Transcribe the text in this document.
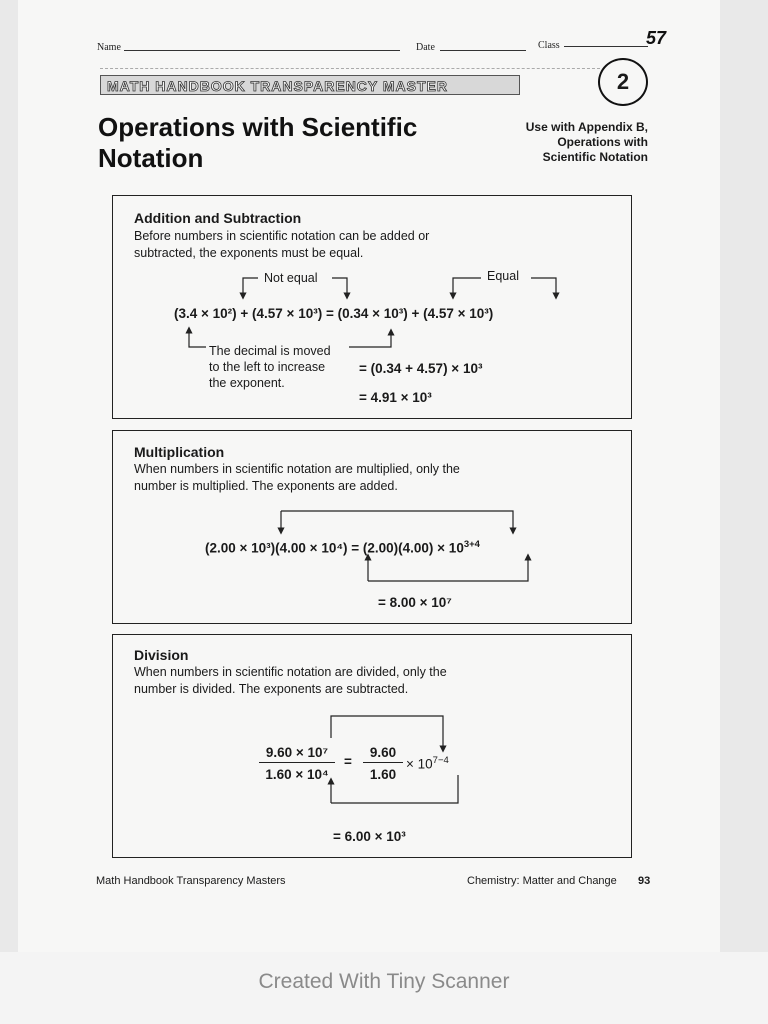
Name	Date	Class	57
MATH HANDBOOK TRANSPARENCY MASTER	2
Operations with Scientific
Notation
Use with Appendix B,
Operations with
Scientific Notation
Addition and Subtraction
Before numbers in scientific notation can be added or
subtracted, the exponents must be equal.
Not equal	Equal
(3.4 × 10²) + (4.57 × 10³) = (0.34 × 10³) + (4.57 × 10³)
The decimal is moved
to the left to increase
the exponent.
= (0.34 + 4.57) × 10³
= 4.91 × 10³
Multiplication
When numbers in scientific notation are multiplied, only the
number is multiplied. The exponents are added.
$(2.00 \times 10^3)(4.00 \times 10^4) = (2.00)(4.00) \times 10^{3+4}$
= 8.00 × 10⁷
Division
When numbers in scientific notation are divided, only the
number is divided. The exponents are subtracted.
$\frac{\text{9.60 × 10⁷}}{\text{1.60 × 10⁴}} = \frac{9.60}{1.60} \times 10^{7-4}$
= 6.00 × 10³
Math Handbook Transparency Masters	Chemistry: Matter and Change 93
Created With Tiny Scanner
